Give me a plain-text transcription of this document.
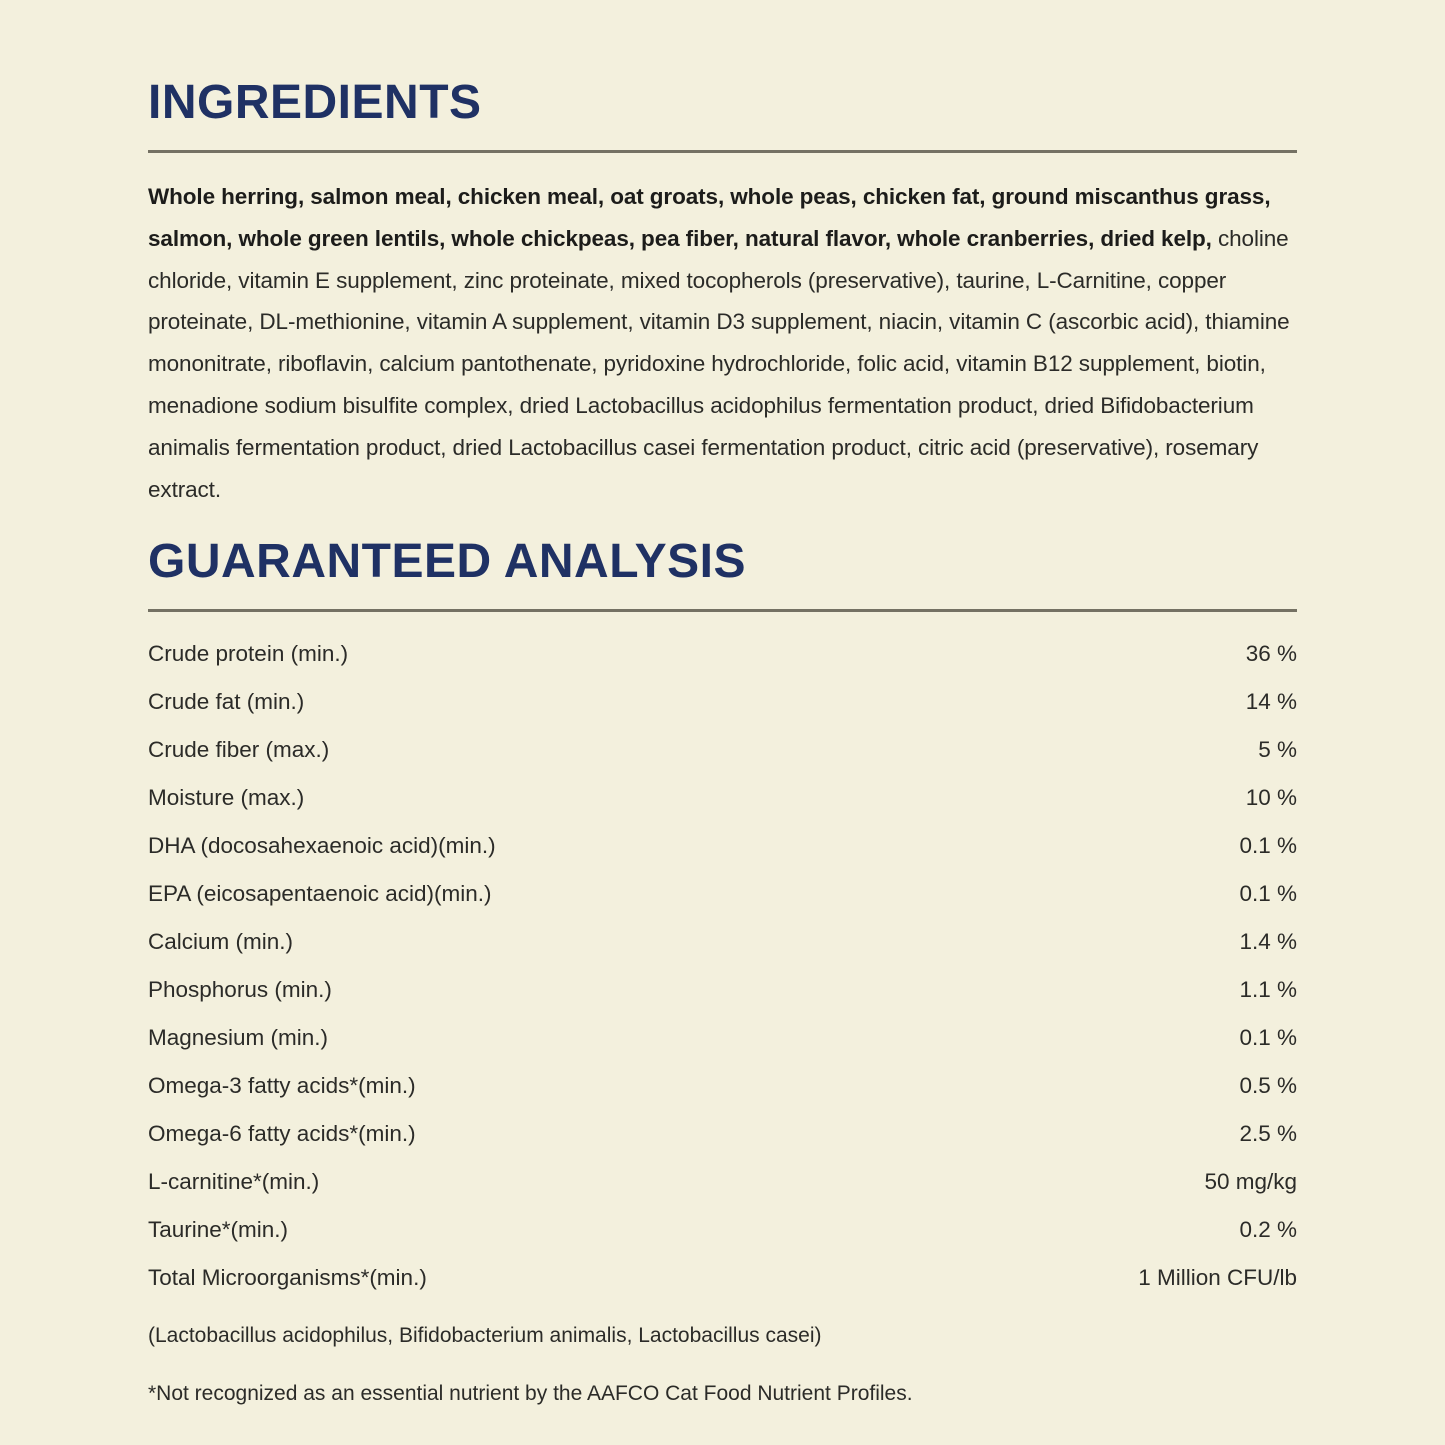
INGREDIENTS

Whole herring, salmon meal, chicken meal, oat groats, whole peas, chicken fat, ground miscanthus grass, salmon, whole green lentils, whole chickpeas, pea fiber, natural flavor, whole cranberries, dried kelp, choline chloride, vitamin E supplement, zinc proteinate, mixed tocopherols (preservative), taurine, L-Carnitine, copper proteinate, DL-methionine, vitamin A supplement, vitamin D3 supplement, niacin, vitamin C (ascorbic acid), thiamine mononitrate, riboflavin, calcium pantothenate, pyridoxine hydrochloride, folic acid, vitamin B12 supplement, biotin, menadione sodium bisulfite complex, dried Lactobacillus acidophilus fermentation product, dried Bifidobacterium animalis fermentation product, dried Lactobacillus casei fermentation product, citric acid (preservative), rosemary extract.

GUARANTEED ANALYSIS
Crude protein (min.) . . .	36 %
Crude fat (min.) . . .	14 %
Crude fiber (max.) . . .	5 %
Moisture (max.) . . .	10 %
DHA (docosahexaenoic acid)(min.) . . .	0.1 %
EPA (eicosapentaenoic acid)(min.) . . .	0.1 %
Calcium (min.) . . .	1.4 %
Phosphorus (min.) . . .	1.1 %
Magnesium (min.) . . .	0.1 %
Omega-3 fatty acids*(min.) . . .	0.5 %
Omega-6 fatty acids*(min.) . . .	2.5 %
L-carnitine*(min.) . . .	50 mg/kg
Taurine*(min.) . . .	0.2 %
Total Microorganisms*(min.) . . .	1 Million CFU/lb
(Lactobacillus acidophilus, Bifidobacterium animalis, Lactobacillus casei)
*Not recognized as an essential nutrient by the AAFCO Cat Food Nutrient Profiles.
